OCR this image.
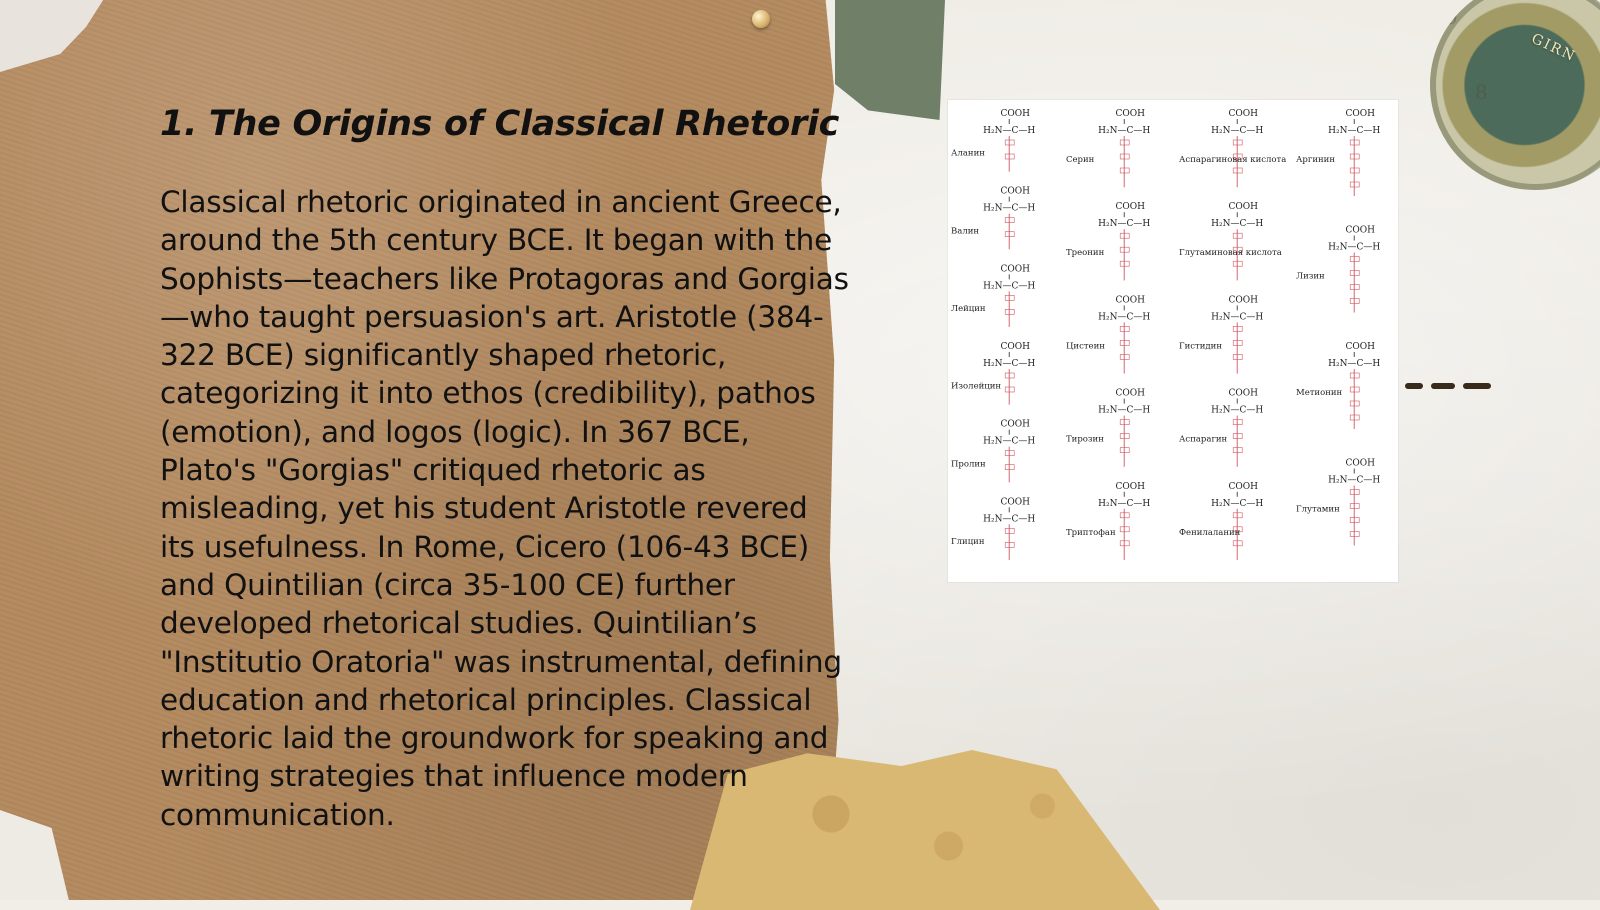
9
8
GIRN
1. The Origins of Classical Rhetoric
Classical rhetoric originated in ancient Greece, around the 5th century BCE. It began with the Sophists—teachers like Protagoras and Gorgias—who taught persuasion's art. Aristotle (384-322 BCE) significantly shaped rhetoric, categorizing it into ethos (credibility), pathos (emotion), and logos (logic). In 367 BCE, Plato's "Gorgias" critiqued rhetoric as misleading, yet his student Aristotle revered its usefulness. In Rome, Cicero (106-43 BCE) and Quintilian (circa 35-100 CE) further developed rhetorical studies. Quintilian’s "Institutio Oratoria" was instrumental, defining education and rhetorical principles. Classical rhetoric laid the groundwork for speaking and writing strategies that influence modern communication.
COOH
H₂N—C—H
Аланин
COOH
H₂N—C—H
Валин
COOH
H₂N—C—H
Лейцин
COOH
H₂N—C—H
Изолейцин
COOH
H₂N—C—H
Пролин
COOH
H₂N—C—H
Глицин
COOH
H₂N—C—H
Серин
COOH
H₂N—C—H
Треонин
COOH
H₂N—C—H
Цистеин
COOH
H₂N—C—H
Тирозин
COOH
H₂N—C—H
Триптофан
COOH
H₂N—C—H
Аспарагиновая кислота
COOH
H₂N—C—H
Глутаминовая кислота
COOH
H₂N—C—H
Гистидин
COOH
H₂N—C—H
Аспарагин
COOH
H₂N—C—H
Фенилаланин
COOH
H₂N—C—H
Аргинин
COOH
H₂N—C—H
Лизин
COOH
H₂N—C—H
Метионин
COOH
H₂N—C—H
Глутамин
